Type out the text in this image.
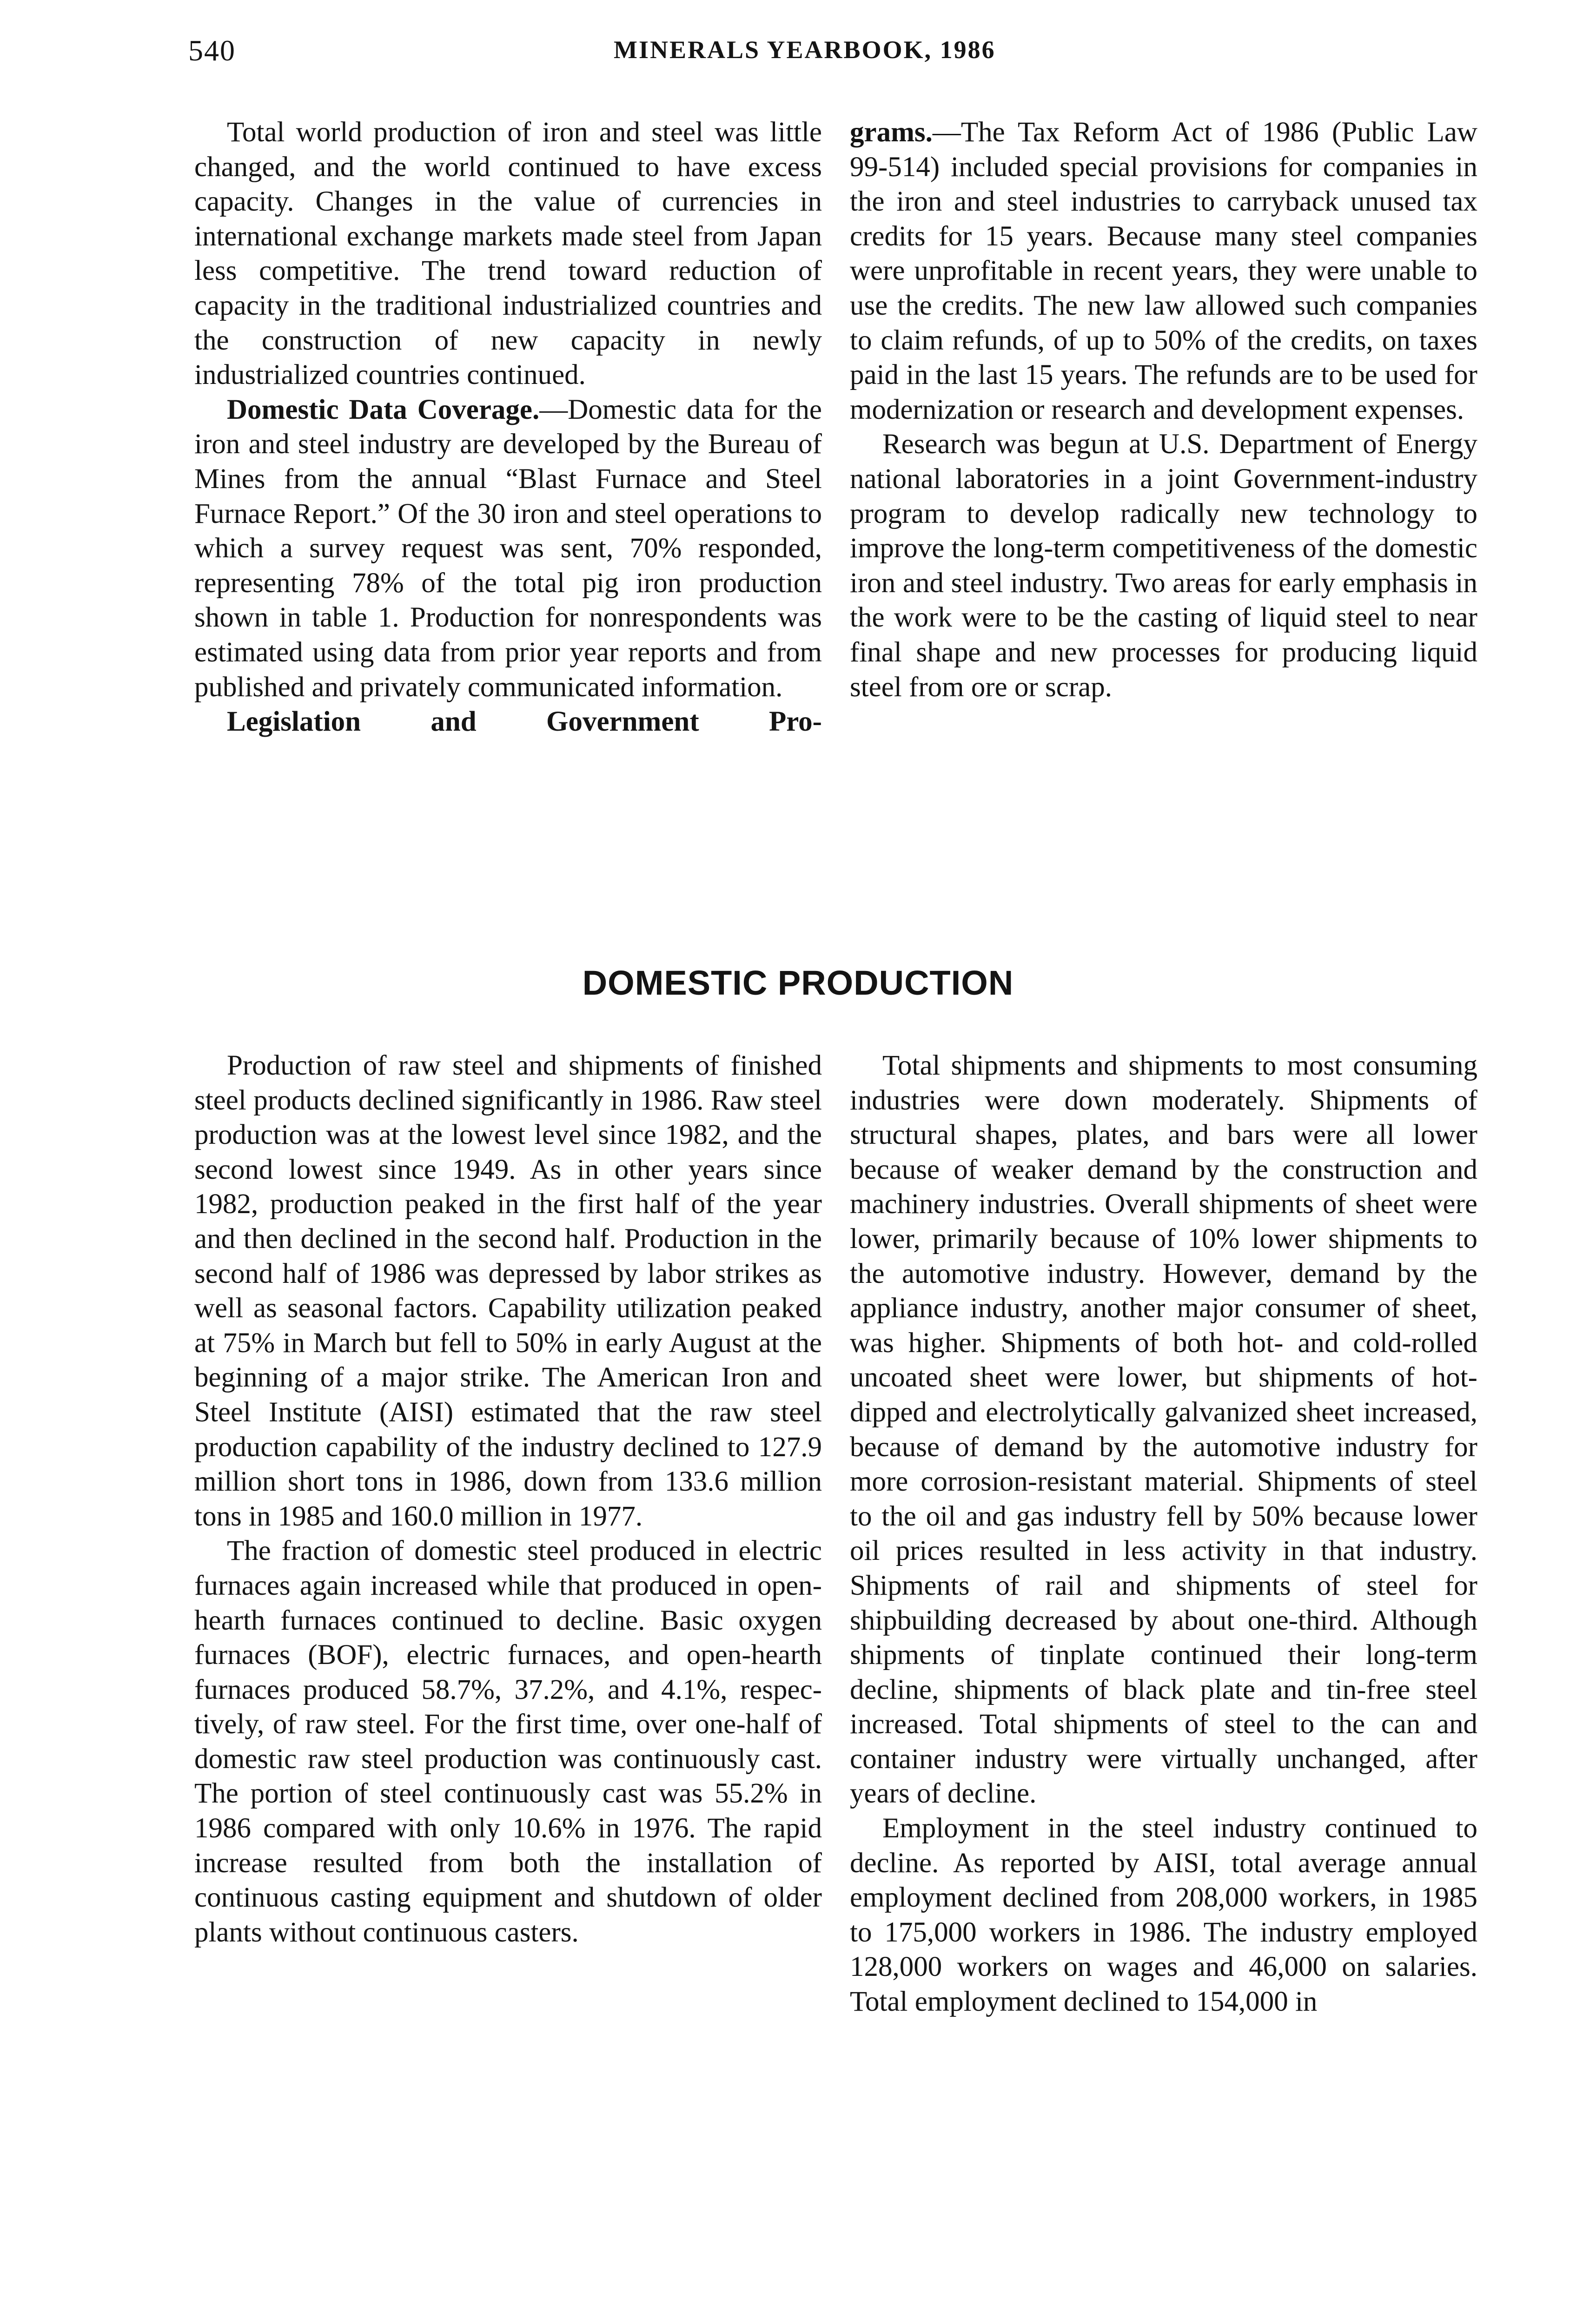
540	MINERALS YEARBOOK, 1986

Total world production of iron and steel was little changed, and the world continued to have excess capacity. Changes in the value of currencies in international exchange markets made steel from Japan less competitive. The trend toward reduction of capacity in the traditional industrialized countries and the construction of new capacity in newly industrialized countries continued.

Domestic Data Coverage.—Domestic data for the iron and steel industry are developed by the Bureau of Mines from the annual “Blast Furnace and Steel Furnace Report.” Of the 30 iron and steel operations to which a survey request was sent, 70% responded, representing 78% of the total pig iron production shown in table 1. Production for nonrespondents was estimated using data from prior year reports and from published and privately communicated information.

Legislation and Government Pro-

grams.—The Tax Reform Act of 1986 (Public Law 99-514) included special provisions for companies in the iron and steel industries to carryback unused tax credits for 15 years. Because many steel companies were unprofitable in recent years, they were unable to use the credits. The new law allowed such companies to claim refunds, of up to 50% of the credits, on taxes paid in the last 15 years. The refunds are to be used for modernization or research and development expenses.

Research was begun at U.S. Department of Energy national laboratories in a joint Government-industry program to develop radically new technology to improve the long-term competitiveness of the domestic iron and steel industry. Two areas for early emphasis in the work were to be the casting of liquid steel to near final shape and new processes for producing liquid steel from ore or scrap.

DOMESTIC PRODUCTION

Production of raw steel and shipments of finished steel products declined significantly in 1986. Raw steel production was at the lowest level since 1982, and the second lowest since 1949. As in other years since 1982, production peaked in the first half of the year and then declined in the second half. Production in the second half of 1986 was depressed by labor strikes as well as seasonal factors. Capability utilization peaked at 75% in March but fell to 50% in early August at the beginning of a major strike. The American Iron and Steel Institute (AISI) estimated that the raw steel production capability of the industry declined to 127.9 million short tons in 1986, down from 133.6 million tons in 1985 and 160.0 million in 1977.

The fraction of domestic steel produced in electric furnaces again increased while that produced in open-hearth furnaces continued to decline. Basic oxygen furnaces (BOF), electric furnaces, and open-hearth furnaces produced 58.7%, 37.2%, and 4.1%, respectively, of raw steel. For the first time, over one-half of domestic raw steel production was continuously cast. The portion of steel continuously cast was 55.2% in 1986 compared with only 10.6% in 1976. The rapid increase resulted from both the installation of continuous casting equipment and shutdown of older plants without continuous casters.

Total shipments and shipments to most consuming industries were down moderately. Shipments of structural shapes, plates, and bars were all lower because of weaker demand by the construction and machinery industries. Overall shipments of sheet were lower, primarily because of 10% lower shipments to the automotive industry. However, demand by the appliance industry, another major consumer of sheet, was higher. Shipments of both hot- and cold-rolled uncoated sheet were lower, but shipments of hot-dipped and electrolytically galvanized sheet increased, because of demand by the automotive industry for more corrosion-resistant material. Shipments of steel to the oil and gas industry fell by 50% because lower oil prices resulted in less activity in that industry. Shipments of rail and shipments of steel for shipbuilding decreased by about one-third. Although shipments of tinplate continued their long-term decline, shipments of black plate and tin-free steel increased. Total shipments of steel to the can and container industry were virtually unchanged, after years of decline.

Employment in the steel industry continued to decline. As reported by AISI, total average annual employment declined from 208,000 workers, in 1985 to 175,000 workers in 1986. The industry employed 128,000 workers on wages and 46,000 on salaries. Total employment declined to 154,000 in
